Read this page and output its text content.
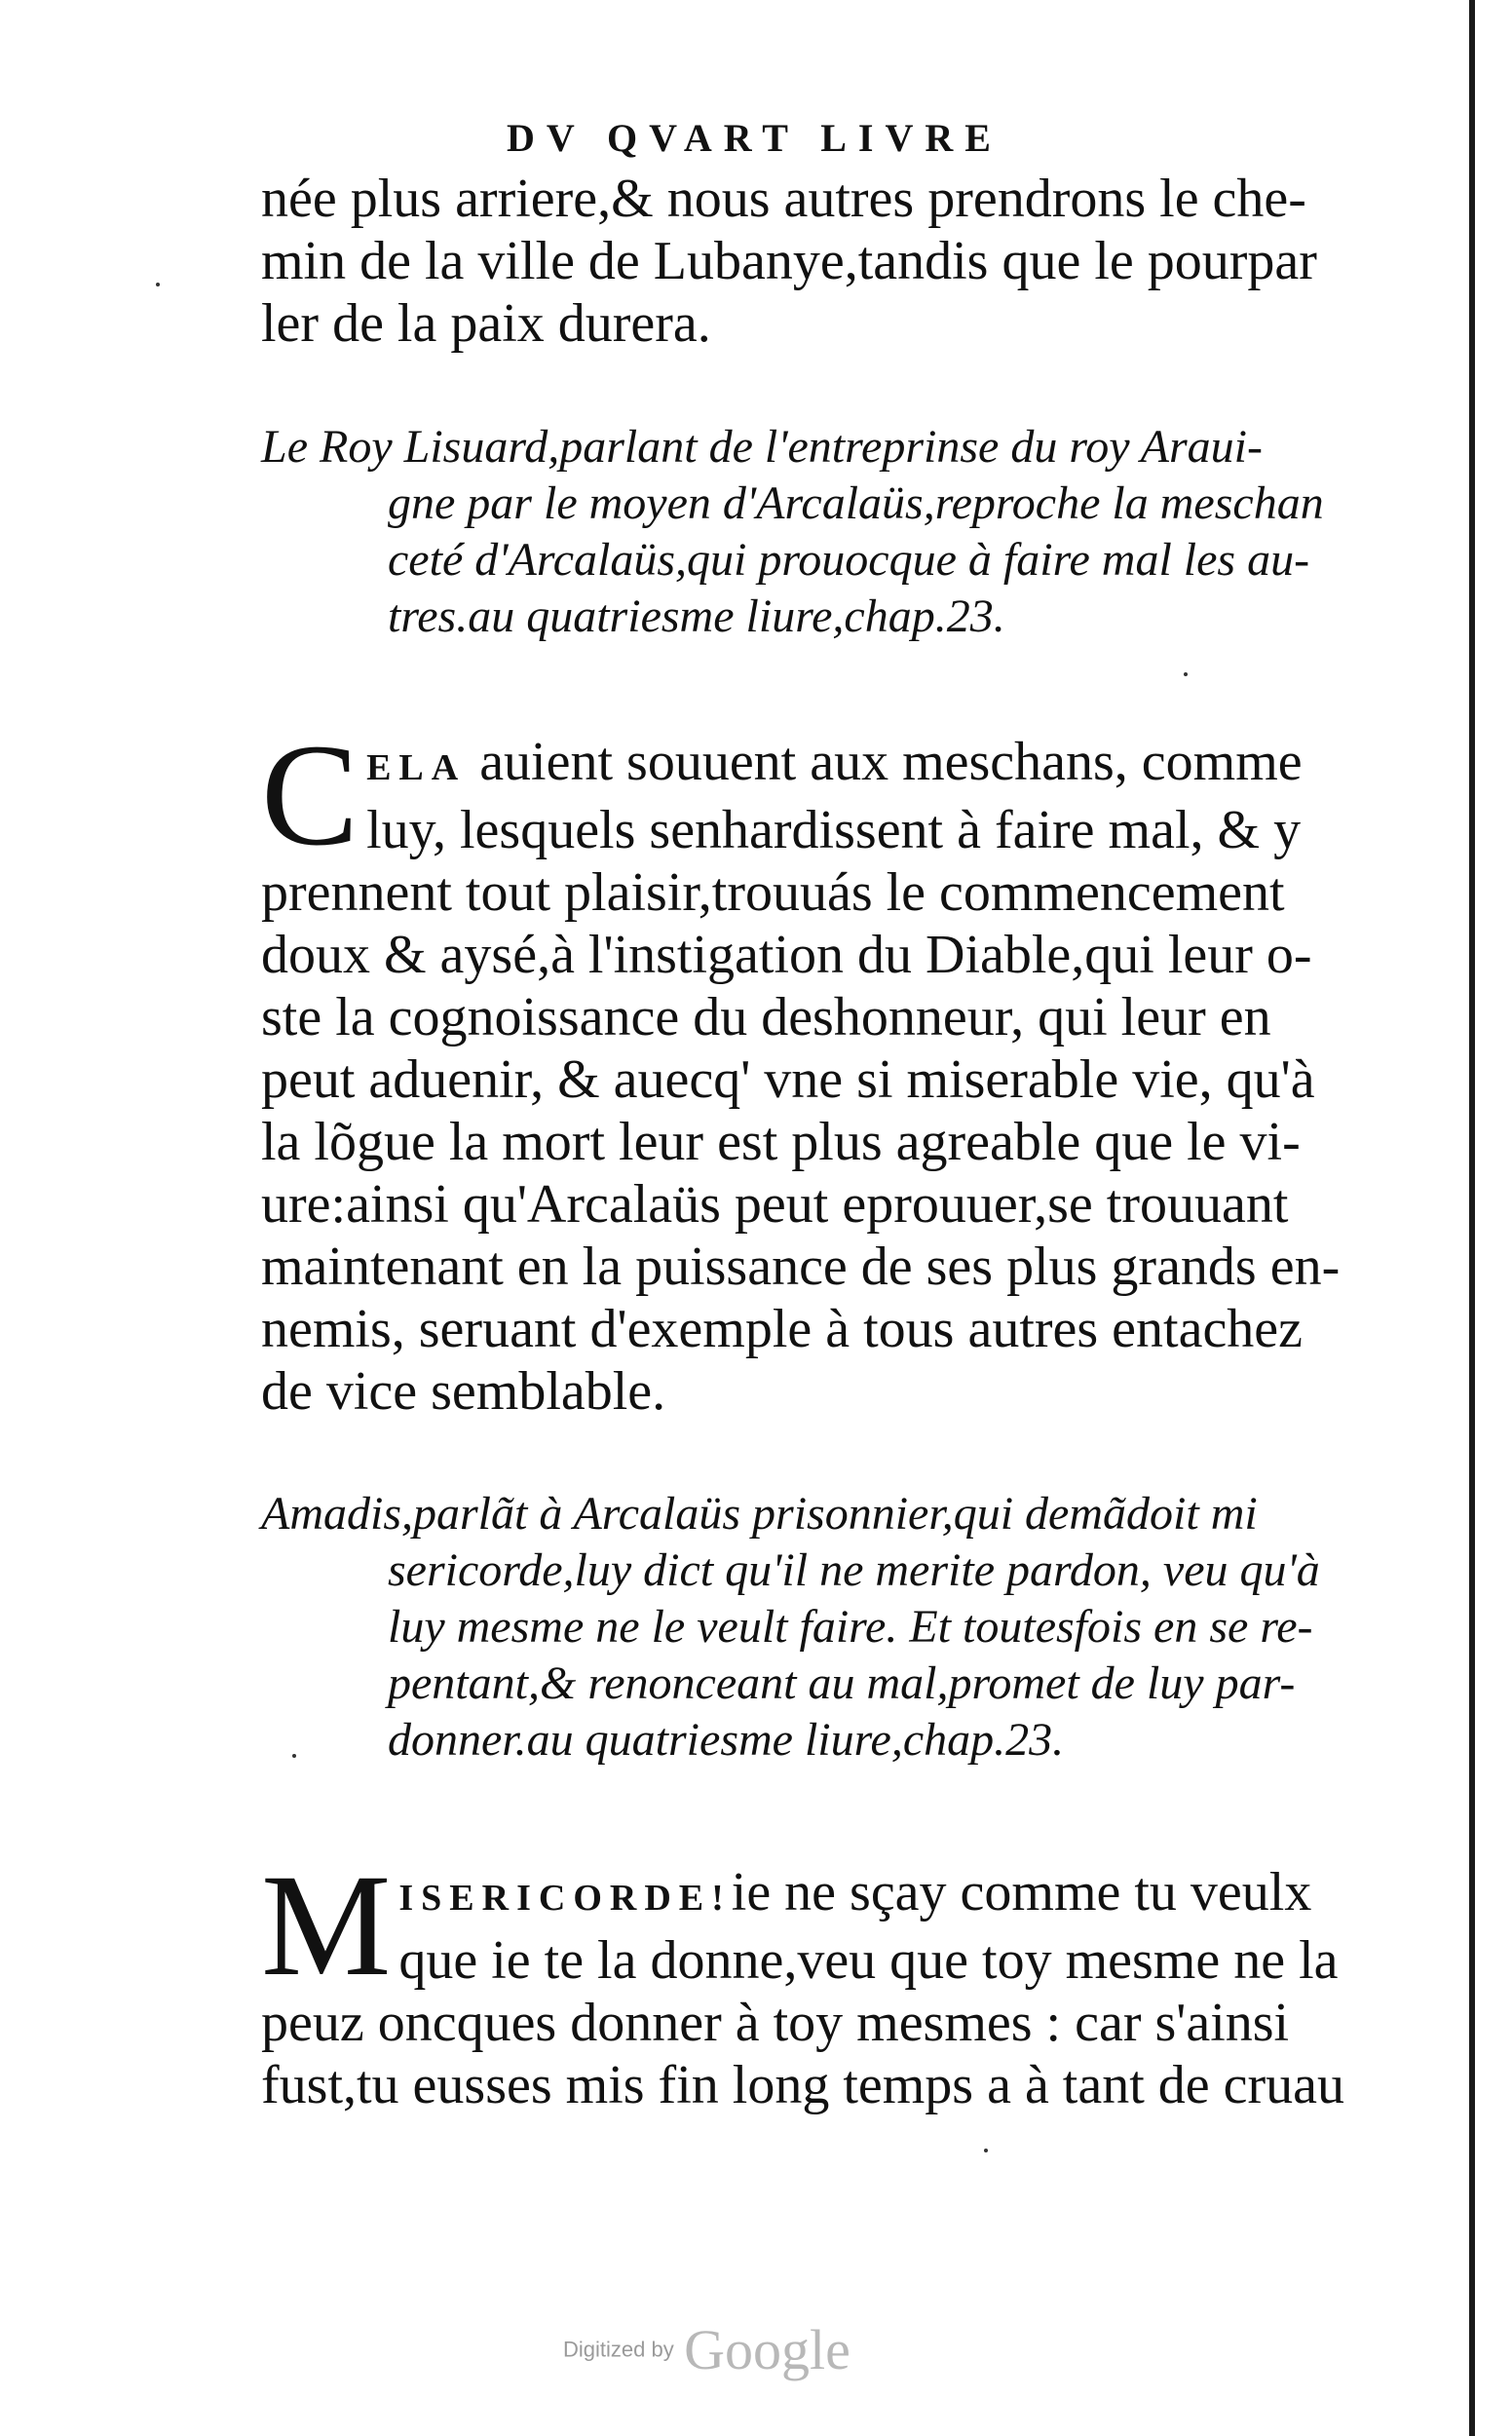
DV QVART LIVRE
née plus arriere,& nous autres prendrons le che-
min de la ville de Lubanye,tandis que le pourpar
ler de la paix durera.
Le Roy Lisuard,parlant de l'entreprinse du roy Araui-
gne par le moyen d'Arcalaüs,reproche la meschan
ceté d'Arcalaüs,qui prouocque à faire mal les au-
tres.au quatriesme liure,chap.23.
C ELA auient souuent aux meschans, comme
luy, lesquels senhardissent à faire mal, & y
prennent tout plaisir,trouuás le commencement
doux & aysé,à l'instigation du Diable,qui leur o-
ste la cognoissance du deshonneur, qui leur en
peut aduenir, & auecq' vne si miserable vie, qu'à
la lõgue la mort leur est plus agreable que le vi-
ure:ainsi qu'Arcalaüs peut eprouuer,se trouuant
maintenant en la puissance de ses plus grands en-
nemis, seruant d'exemple à tous autres entachez
de vice semblable.
Amadis,parlãt à Arcalaüs prisonnier,qui demãdoit mi
sericorde,luy dict qu'il ne merite pardon, veu qu'à
luy mesme ne le veult faire. Et toutesfois en se re-
pentant,& renonceant au mal,promet de luy par-
donner.au quatriesme liure,chap.23.
M ISERICORDE!ie ne sçay comme tu veulx
que ie te la donne,veu que toy mesme ne la
peuz oncques donner à toy mesmes : car s'ainsi
fust,tu eusses mis fin long temps a à tant de cruau
Digitized by Google
